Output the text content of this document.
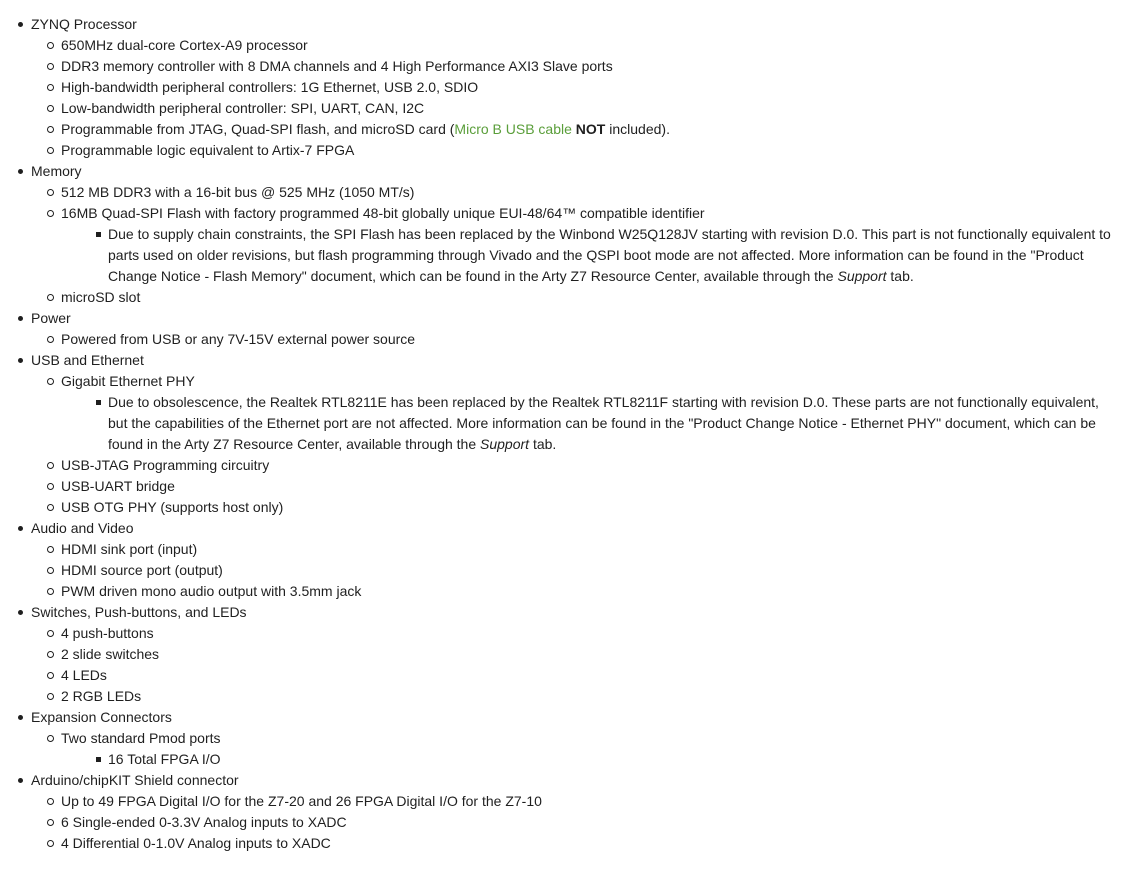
ZYNQ Processor
650MHz dual-core Cortex-A9 processor
DDR3 memory controller with 8 DMA channels and 4 High Performance AXI3 Slave ports
High-bandwidth peripheral controllers: 1G Ethernet, USB 2.0, SDIO
Low-bandwidth peripheral controller: SPI, UART, CAN, I2C
Programmable from JTAG, Quad-SPI flash, and microSD card (Micro B USB cable NOT included).
Programmable logic equivalent to Artix-7 FPGA
Memory
512 MB DDR3 with a 16-bit bus @ 525 MHz (1050 MT/s)
16MB Quad-SPI Flash with factory programmed 48-bit globally unique EUI-48/64™ compatible identifier
Due to supply chain constraints, the SPI Flash has been replaced by the Winbond W25Q128JV starting with revision D.0. This part is not functionally equivalent to parts used on older revisions, but flash programming through Vivado and the QSPI boot mode are not affected. More information can be found in the "Product Change Notice - Flash Memory" document, which can be found in the Arty Z7 Resource Center, available through the Support tab.
microSD slot
Power
Powered from USB or any 7V-15V external power source
USB and Ethernet
Gigabit Ethernet PHY
Due to obsolescence, the Realtek RTL8211E has been replaced by the Realtek RTL8211F starting with revision D.0. These parts are not functionally equivalent, but the capabilities of the Ethernet port are not affected. More information can be found in the "Product Change Notice - Ethernet PHY" document, which can be found in the Arty Z7 Resource Center, available through the Support tab.
USB-JTAG Programming circuitry
USB-UART bridge
USB OTG PHY (supports host only)
Audio and Video
HDMI sink port (input)
HDMI source port (output)
PWM driven mono audio output with 3.5mm jack
Switches, Push-buttons, and LEDs
4 push-buttons
2 slide switches
4 LEDs
2 RGB LEDs
Expansion Connectors
Two standard Pmod ports
16 Total FPGA I/O
Arduino/chipKIT Shield connector
Up to 49 FPGA Digital I/O for the Z7-20 and 26 FPGA Digital I/O for the Z7-10
6 Single-ended 0-3.3V Analog inputs to XADC
4 Differential 0-1.0V Analog inputs to XADC
